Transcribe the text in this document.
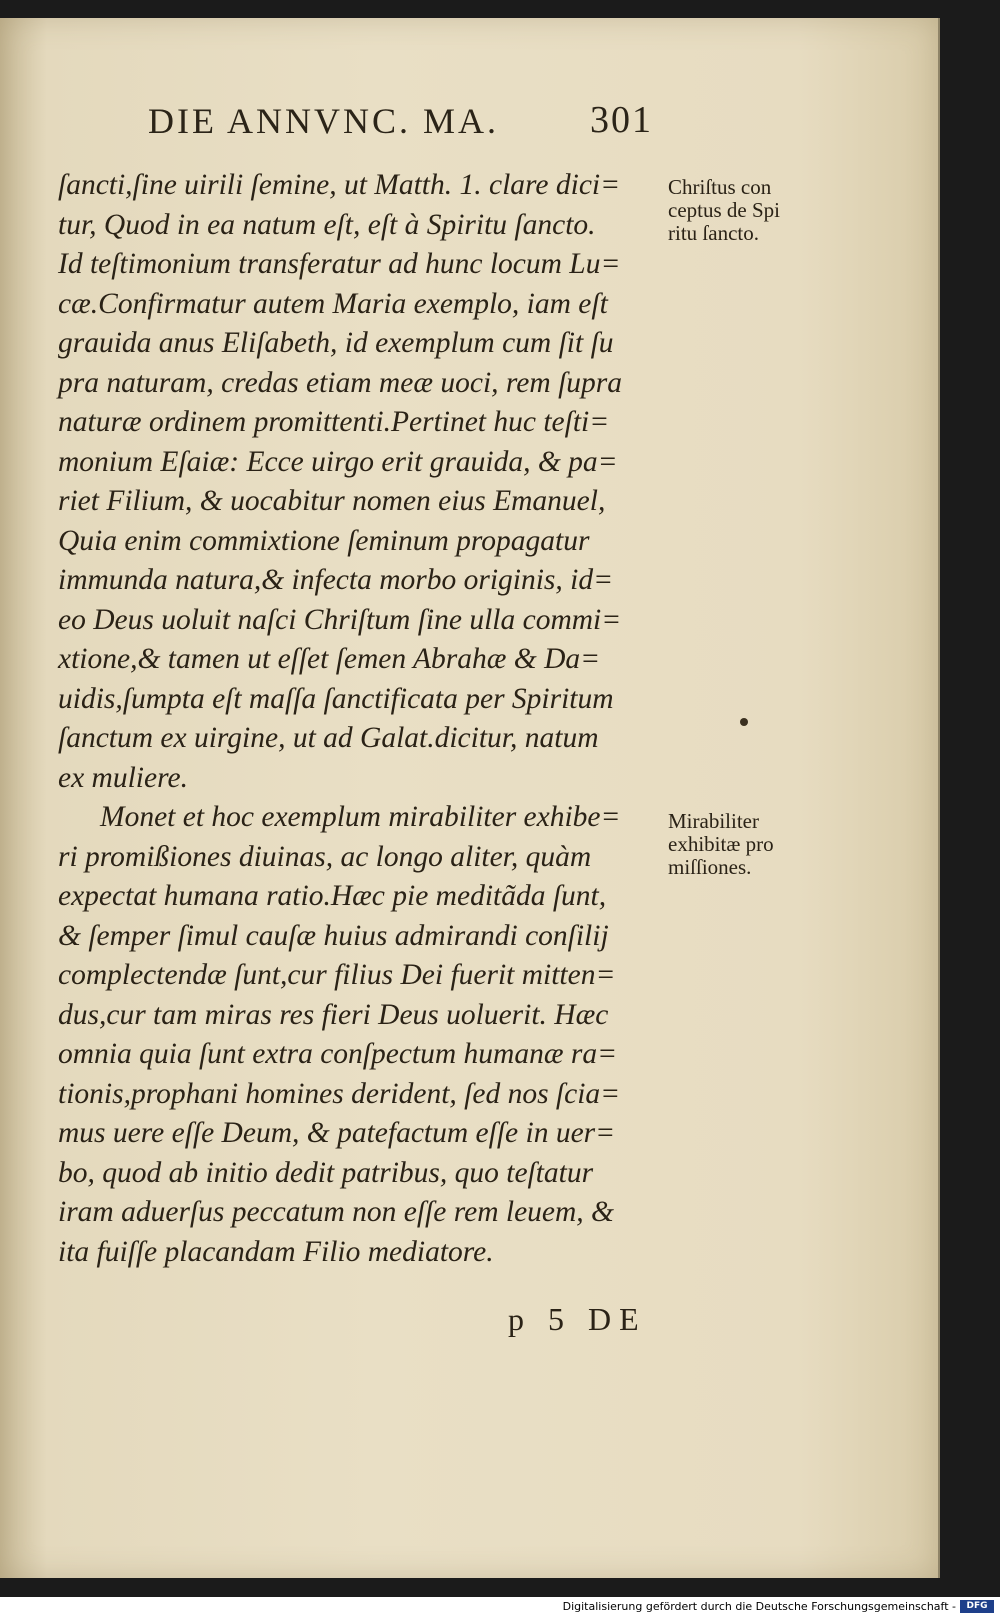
DIE ANNVNC. MA. 301
ſancti,ſine uirili ſemine, ut Matth. 1. clare dici=
tur, Quod in ea natum eſt, eſt à Spiritu ſancto.
Id teſtimonium transferatur ad hunc locum Lu=
cæ.Confirmatur autem Maria exemplo, iam eſt
grauida anus Eliſabeth, id exemplum cum ſit ſu
pra naturam, credas etiam meæ uoci, rem ſupra
naturæ ordinem promittenti.Pertinet huc teſti=
monium Eſaiæ: Ecce uirgo erit grauida, & pa=
riet Filium, & uocabitur nomen eius Emanuel,
Quia enim commixtione ſeminum propagatur
immunda natura,& infecta morbo originis, id=
eo Deus uoluit naſci Chriſtum ſine ulla commi=
xtione,& tamen ut eſſet ſemen Abrahæ & Da=
uidis,ſumpta eſt maſſa ſanctificata per Spiritum
ſanctum ex uirgine, ut ad Galat.dicitur, natum
ex muliere.
Monet et hoc exemplum mirabiliter exhibe=
ri promißiones diuinas, ac longo aliter, quàm
expectat humana ratio.Hæc pie meditãda ſunt,
& ſemper ſimul cauſæ huius admirandi conſilij
complectendæ ſunt,cur filius Dei fuerit mitten=
dus,cur tam miras res fieri Deus uoluerit. Hæc
omnia quia ſunt extra conſpectum humanæ ra=
tionis,prophani homines derident, ſed nos ſcia=
mus uere eſſe Deum, & patefactum eſſe in uer=
bo, quod ab initio dedit patribus, quo teſtatur
iram aduerſus peccatum non eſſe rem leuem, &
ita fuiſſe placandam Filio mediatore.
Chriſtus con
ceptus de Spi
ritu ſancto.
Mirabiliter
exhibitæ pro
miſſiones.
p 5 DE
Digitalisierung gefördert durch die Deutsche Forschungsgemeinschaft -	DFG
